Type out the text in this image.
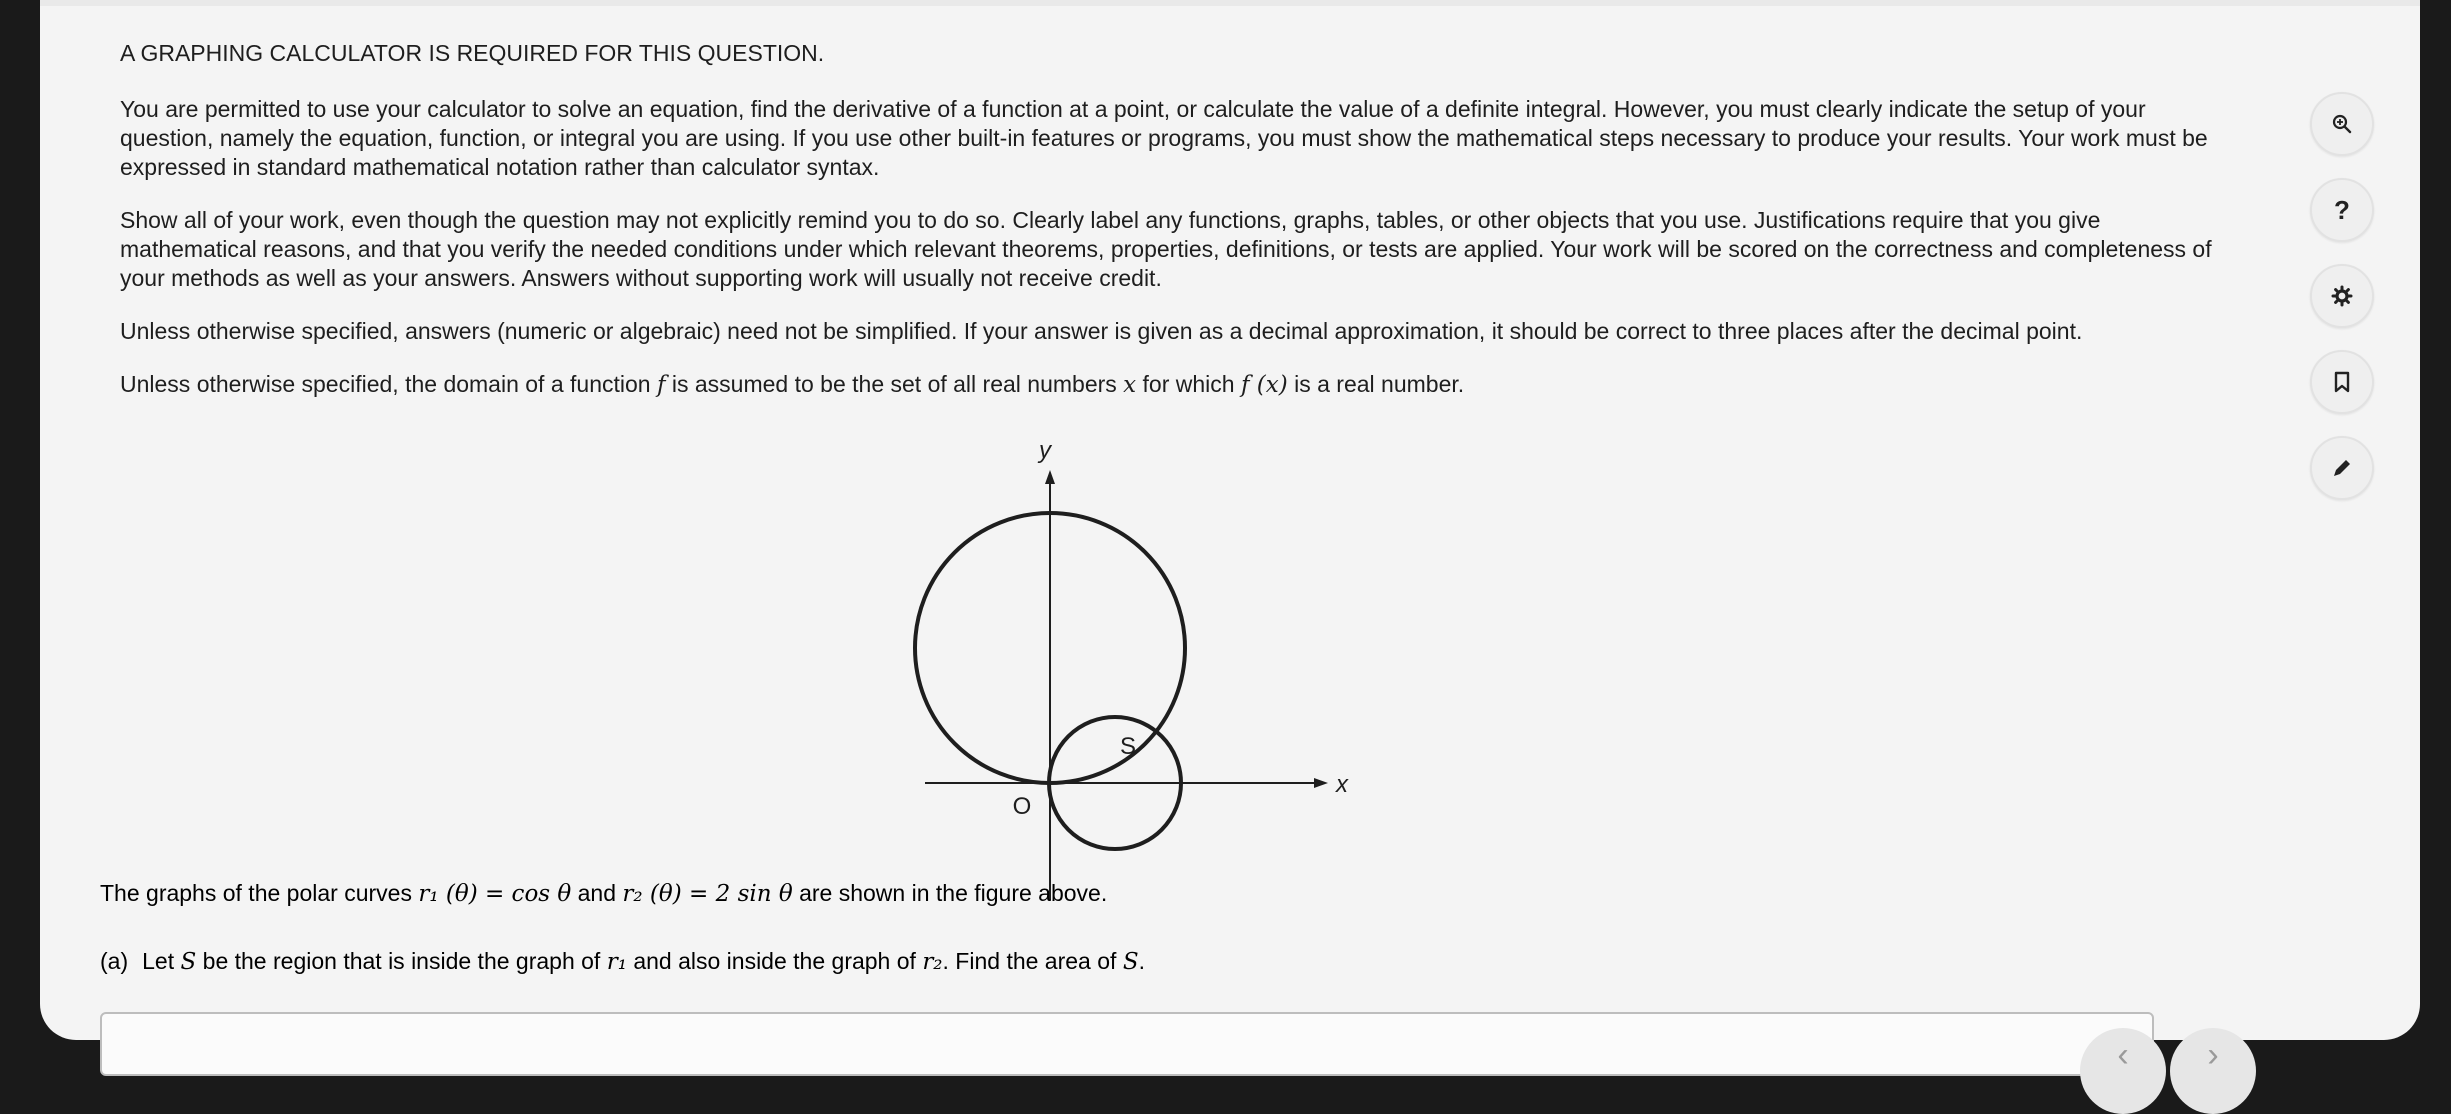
A GRAPHING CALCULATOR IS REQUIRED FOR THIS QUESTION.

You are permitted to use your calculator to solve an equation, find the derivative of a function at a point, or calculate the value of a definite integral. However, you must clearly indicate the setup of your question, namely the equation, function, or integral you are using. If you use other built-in features or programs, you must show the mathematical steps necessary to produce your results. Your work must be expressed in standard mathematical notation rather than calculator syntax.

Show all of your work, even though the question may not explicitly remind you to do so. Clearly label any functions, graphs, tables, or other objects that you use. Justifications require that you give mathematical reasons, and that you verify the needed conditions under which relevant theorems, properties, definitions, or tests are applied. Your work will be scored on the correctness and completeness of your methods as well as your answers. Answers without supporting work will usually not receive credit.

Unless otherwise specified, answers (numeric or algebraic) need not be simplified. If your answer is given as a decimal approximation, it should be correct to three places after the decimal point.

Unless otherwise specified, the domain of a function f is assumed to be the set of all real numbers x for which f (x) is a real number.

y
x
O
S
The graphs of the polar curves r₁ (θ) = cos θ and r₂ (θ) = 2 sin θ are shown in the figure above.
(a) Let S be the region that is inside the graph of r₁ and also inside the graph of r₂. Find the area of S.
?
‹ ›
